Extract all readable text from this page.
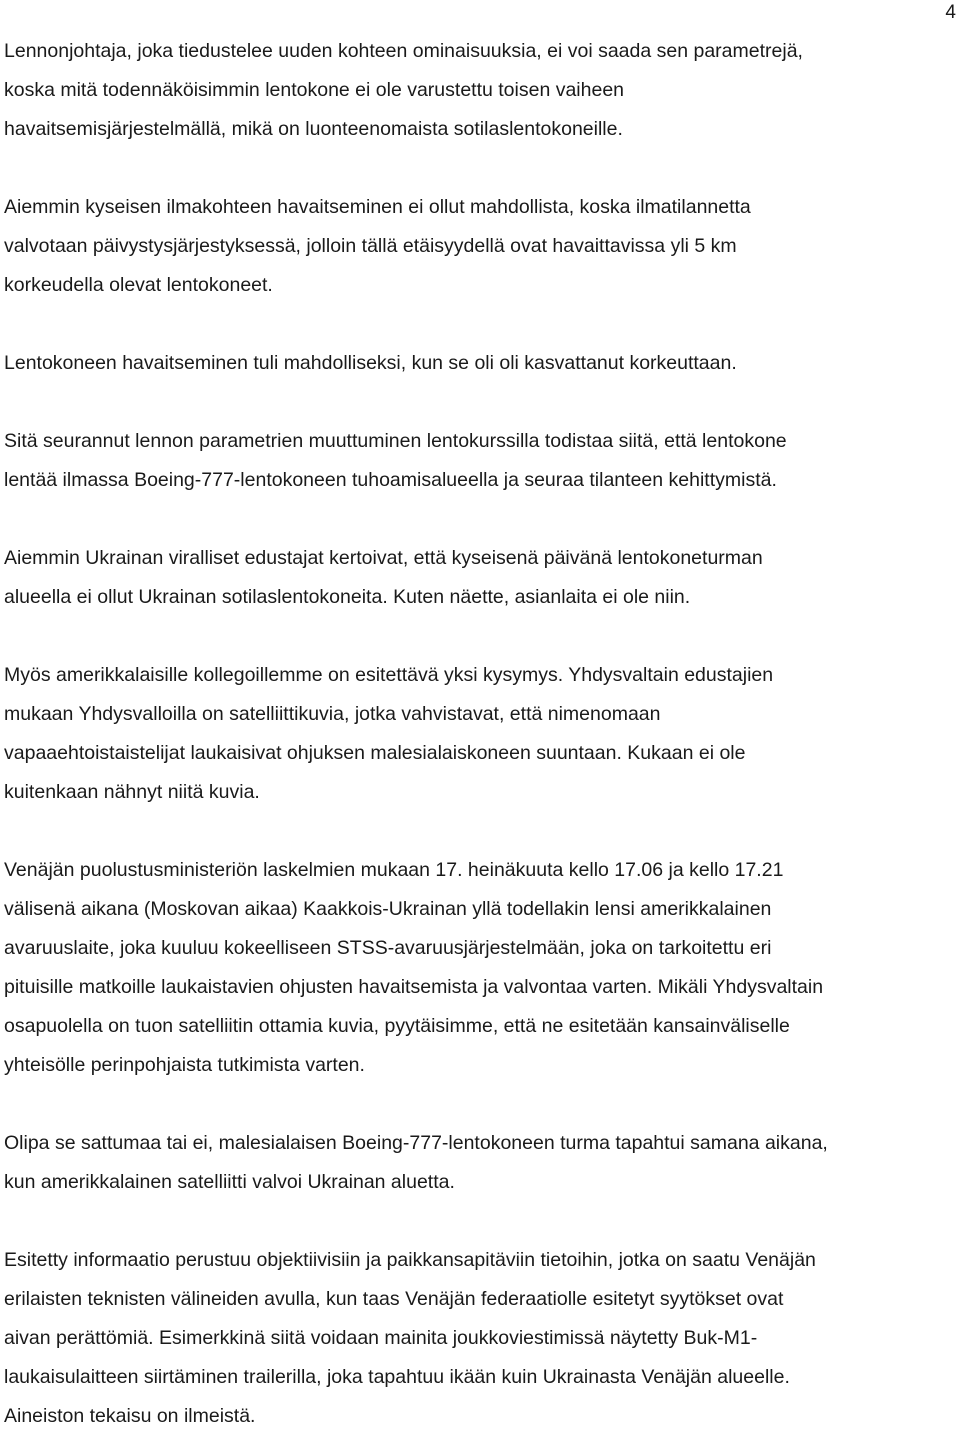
4

Lennonjohtaja, joka tiedustelee uuden kohteen ominaisuuksia, ei voi saada sen parametrejä,
koska mitä todennäköisimmin lentokone ei ole varustettu toisen vaiheen
havaitsemisjärjestelmällä, mikä on luonteenomaista sotilaslentokoneille.

Aiemmin kyseisen ilmakohteen havaitseminen ei ollut mahdollista, koska ilmatilannetta
valvotaan päivystysjärjestyksessä, jolloin tällä etäisyydellä ovat havaittavissa yli 5 km
korkeudella olevat lentokoneet.

Lentokoneen havaitseminen tuli mahdolliseksi, kun se oli oli kasvattanut korkeuttaan.

Sitä seurannut lennon parametrien muuttuminen lentokurssilla todistaa siitä, että lentokone
lentää ilmassa Boeing-777-lentokoneen tuhoamisalueella ja seuraa tilanteen kehittymistä.

Aiemmin Ukrainan viralliset edustajat kertoivat, että kyseisenä päivänä lentokoneturman
alueella ei ollut Ukrainan sotilaslentokoneita. Kuten näette, asianlaita ei ole niin.

Myös amerikkalaisille kollegoillemme on esitettävä yksi kysymys. Yhdysvaltain edustajien
mukaan Yhdysvalloilla on satelliittikuvia, jotka vahvistavat, että nimenomaan
vapaaehtoistaistelijat laukaisivat ohjuksen malesialaiskoneen suuntaan. Kukaan ei ole
kuitenkaan nähnyt niitä kuvia.

Venäjän puolustusministeriön laskelmien mukaan 17. heinäkuuta kello 17.06 ja kello 17.21
välisenä aikana (Moskovan aikaa) Kaakkois-Ukrainan yllä todellakin lensi amerikkalainen
avaruuslaite, joka kuuluu kokeelliseen STSS-avaruusjärjestelmään, joka on tarkoitettu eri
pituisille matkoille laukaistavien ohjusten havaitsemista ja valvontaa varten. Mikäli Yhdysvaltain
osapuolella on tuon satelliitin ottamia kuvia, pyytäisimme, että ne esitetään kansainväliselle
yhteisölle perinpohjaista tutkimista varten.

Olipa se sattumaa tai ei, malesialaisen Boeing-777-lentokoneen turma tapahtui samana aikana,
kun amerikkalainen satelliitti valvoi Ukrainan aluetta.

Esitetty informaatio perustuu objektiivisiin ja paikkansapitäviin tietoihin, jotka on saatu Venäjän
erilaisten teknisten välineiden avulla, kun taas Venäjän federaatiolle esitetyt syytökset ovat
aivan perättömiä. Esimerkkinä siitä voidaan mainita joukkoviestimissä näytetty Buk-M1-
laukaisulaitteen siirtäminen trailerilla, joka tapahtuu ikään kuin Ukrainasta Venäjän alueelle.
Aineiston tekaisu on ilmeistä.
